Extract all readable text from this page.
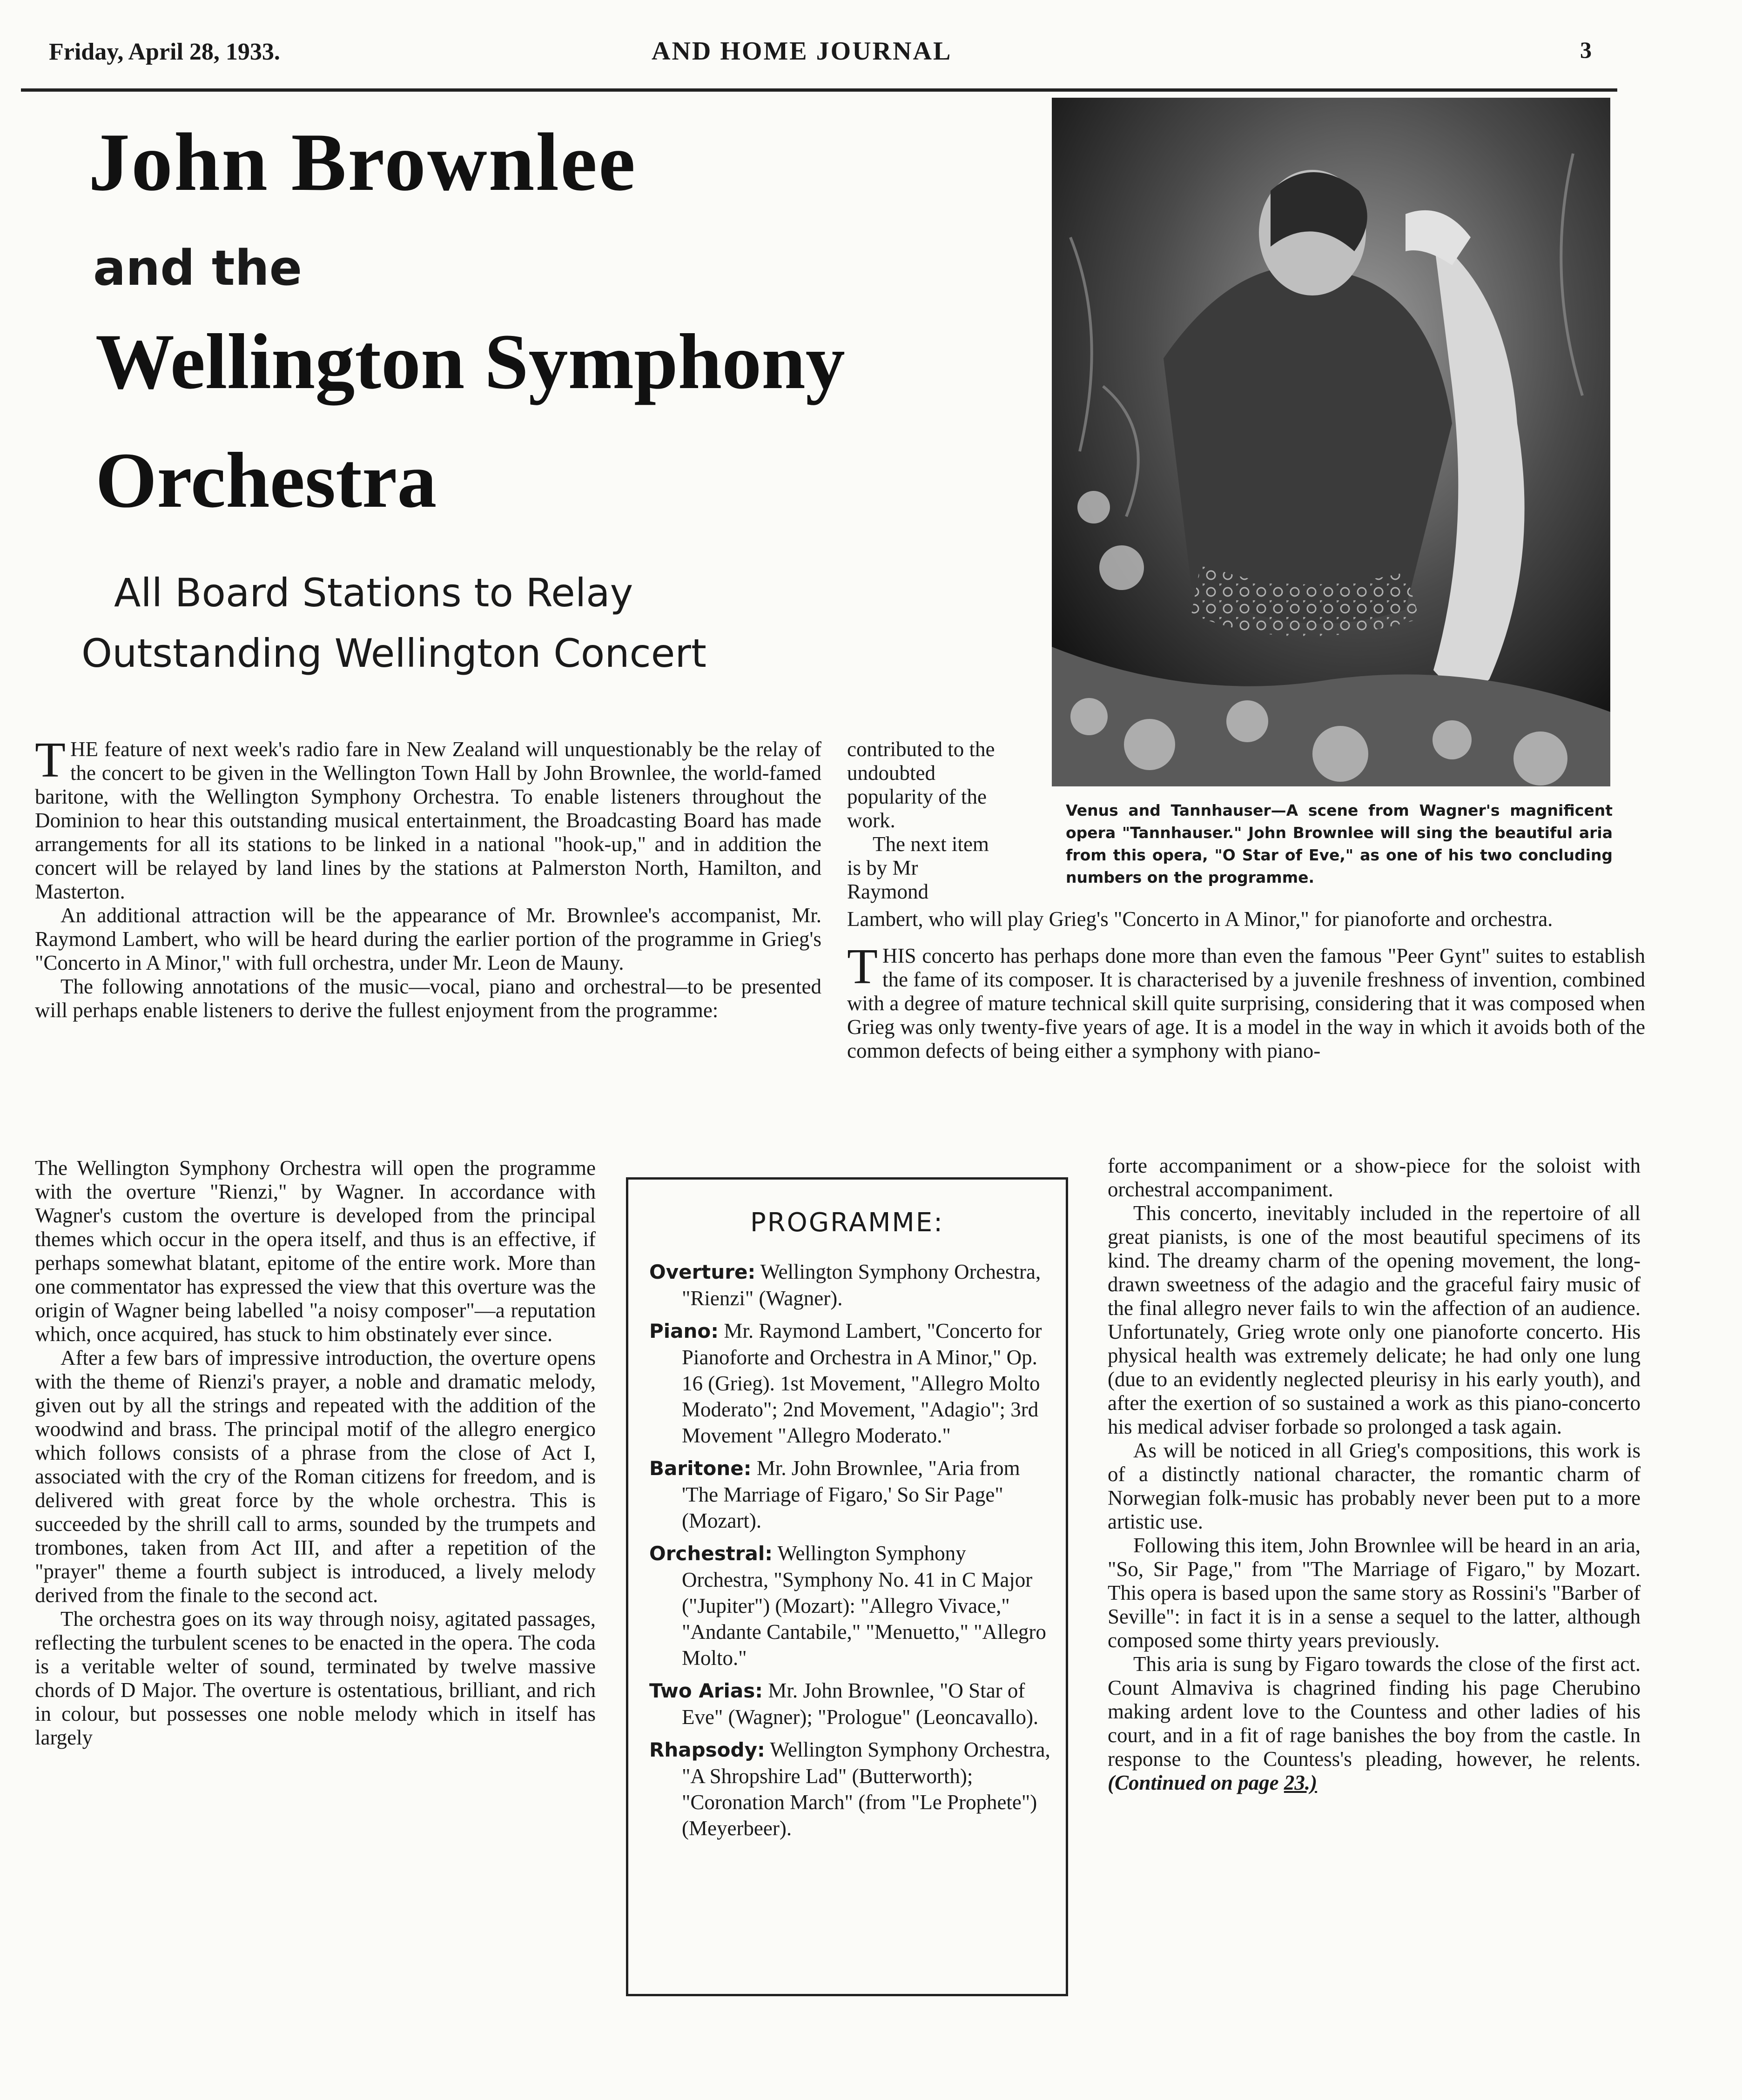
Friday, April 28, 1933.	AND HOME JOURNAL	3
John Brownlee
and the
Wellington Symphony
Orchestra
All Board Stations to Relay
Outstanding Wellington Concert
Venus and Tannhauser—A scene from Wagner's magnificent opera "Tannhauser." John Brownlee will sing the beautiful aria from this opera, "O Star of Eve," as one of his two concluding numbers on the programme.

THE feature of next week's radio fare in New Zealand will unquestionably be the relay of the concert to be given in the Wellington Town Hall by John Brownlee, the world-famed baritone, with the Wellington Symphony Orchestra. To enable listeners throughout the Dominion to hear this outstanding musical entertainment, the Broadcasting Board has made arrangements for all its stations to be linked in a national "hook-up," and in addition the concert will be relayed by land lines by the stations at Palmerston North, Hamilton, and Masterton.

An additional attraction will be the appearance of Mr. Brownlee's accompanist, Mr. Raymond Lambert, who will be heard during the earlier portion of the programme in Grieg's "Concerto in A Minor," with full orchestra, under Mr. Leon de Mauny.

The following annotations of the music—vocal, piano and orchestral—to be presented will perhaps enable listeners to derive the fullest enjoyment from the programme:

The Wellington Symphony Orchestra will open the programme with the overture "Rienzi," by Wagner. In accordance with Wagner's custom the overture is developed from the principal themes which occur in the opera itself, and thus is an effective, if perhaps somewhat blatant, epitome of the entire work. More than one commentator has expressed the view that this overture was the origin of Wagner being labelled "a noisy composer"—a reputation which, once acquired, has stuck to him obstinately ever since.

After a few bars of impressive introduction, the overture opens with the theme of Rienzi's prayer, a noble and dramatic melody, given out by all the strings and repeated with the addition of the woodwind and brass. The principal motif of the allegro energico which follows consists of a phrase from the close of Act I, associated with the cry of the Roman citizens for freedom, and is delivered with great force by the whole orchestra. This is succeeded by the shrill call to arms, sounded by the trumpets and trombones, taken from Act III, and after a repetition of the "prayer" theme a fourth subject is introduced, a lively melody derived from the finale to the second act.

The orchestra goes on its way through noisy, agitated passages, reflecting the turbulent scenes to be enacted in the opera. The coda is a veritable welter of sound, terminated by twelve massive chords of D Major. The overture is ostentatious, brilliant, and rich in colour, but possesses one noble melody which in itself has largely

contributed to the undoubted popularity of the work.

The next item is by Mr Raymond

Lambert, who will play Grieg's "Concerto in A Minor," for pianoforte and orchestra.

THIS concerto has perhaps done more than even the famous "Peer Gynt" suites to establish the fame of its composer. It is characterised by a juvenile freshness of invention, combined with a degree of mature technical skill quite surprising, considering that it was composed when Grieg was only twenty-five years of age. It is a model in the way in which it avoids both of the common defects of being either a symphony with piano-

forte accompaniment or a show-piece for the soloist with orchestral accompaniment.

This concerto, inevitably included in the repertoire of all great pianists, is one of the most beautiful specimens of its kind. The dreamy charm of the opening movement, the long-drawn sweetness of the adagio and the graceful fairy music of the final allegro never fails to win the affection of an audience. Unfortunately, Grieg wrote only one pianoforte concerto. His physical health was extremely delicate; he had only one lung (due to an evidently neglected pleurisy in his early youth), and after the exertion of so sustained a work as this piano-concerto his medical adviser forbade so prolonged a task again.

As will be noticed in all Grieg's compositions, this work is of a distinctly national character, the romantic charm of Norwegian folk-music has probably never been put to a more artistic use.

Following this item, John Brownlee will be heard in an aria, "So, Sir Page," from "The Marriage of Figaro," by Mozart. This opera is based upon the same story as Rossini's "Barber of Seville": in fact it is in a sense a sequel to the latter, although composed some thirty years previously.

This aria is sung by Figaro towards the close of the first act. Count Almaviva is chagrined finding his page Cherubino making ardent love to the Countess and other ladies of his court, and in a fit of rage banishes the boy from the castle. In response to the Countess's pleading, however, he relents. (Continued on page 23.)

PROGRAMME:
Overture: Wellington Symphony Orchestra, "Rienzi" (Wagner).
Piano: Mr. Raymond Lambert, "Concerto for Pianoforte and Orchestra in A Minor," Op. 16 (Grieg). 1st Movement, "Allegro Molto Moderato"; 2nd Movement, "Adagio"; 3rd Movement "Allegro Moderato."
Baritone: Mr. John Brownlee, "Aria from 'The Marriage of Figaro,' So Sir Page" (Mozart).
Orchestral: Wellington Symphony Orchestra, "Symphony No. 41 in C Major ("Jupiter") (Mozart): "Allegro Vivace," "Andante Cantabile," "Menuetto," "Allegro Molto."
Two Arias: Mr. John Brownlee, "O Star of Eve" (Wagner); "Prologue" (Leoncavallo).
Rhapsody: Wellington Symphony Orchestra, "A Shropshire Lad" (Butterworth); "Coronation March" (from "Le Prophete") (Meyerbeer).
